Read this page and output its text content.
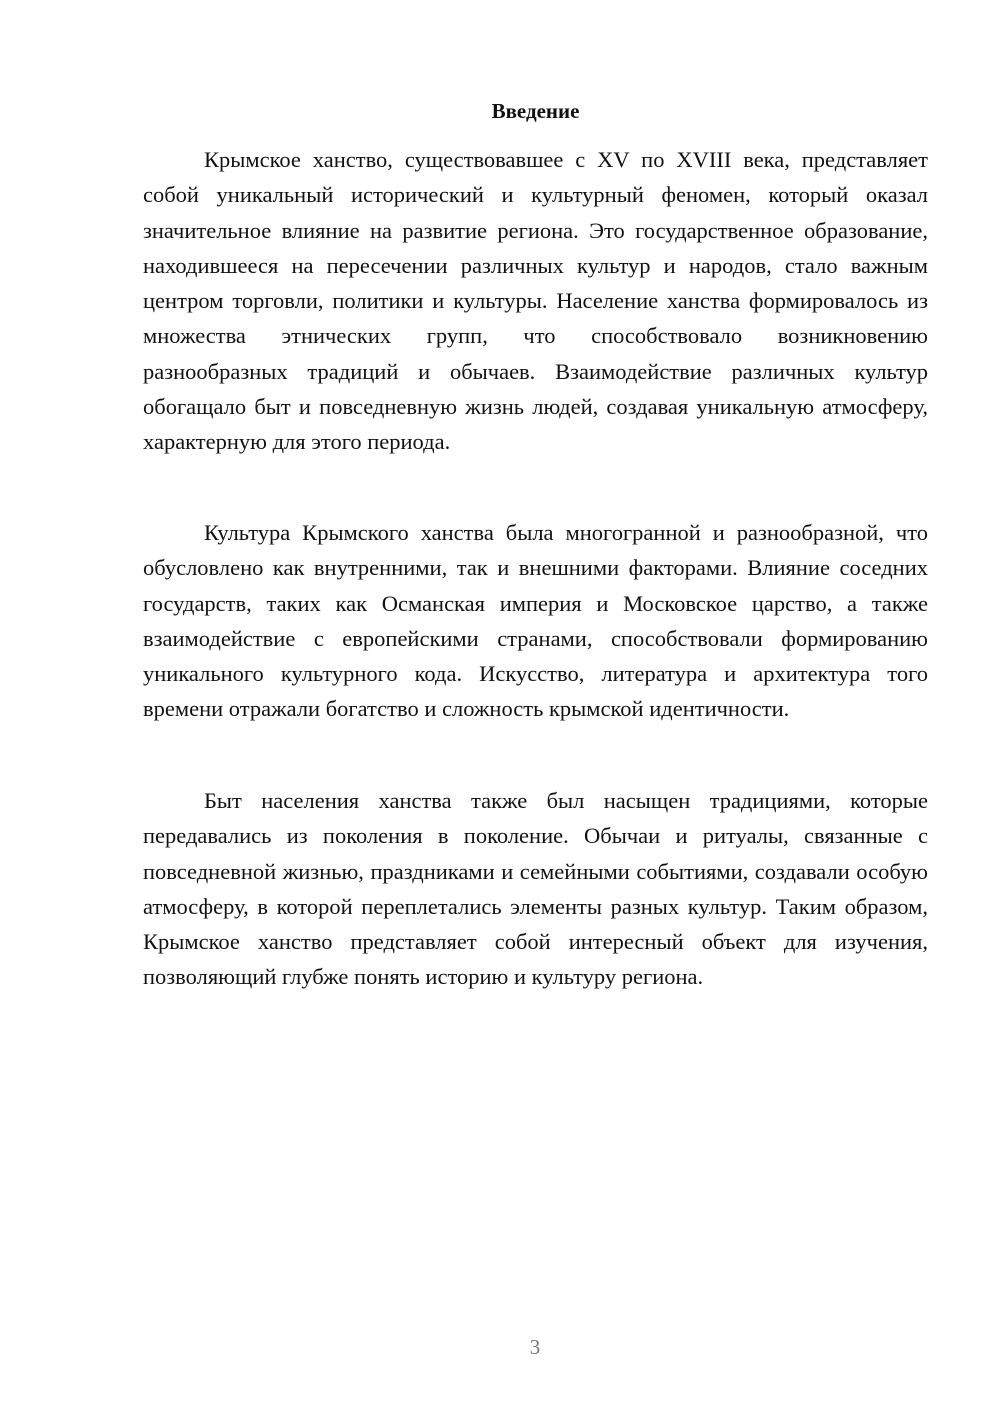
Введение

Крымское ханство, существовавшее с XV по XVIII века, представляет собой уникальный исторический и культурный феномен, который оказал значительное влияние на развитие региона. Это государственное образование, находившееся на пересечении различных культур и народов, стало важным центром торговли, политики и культуры. Население ханства формировалось из множества этнических групп, что способствовало возникновению разнообразных традиций и обычаев. Взаимодействие различных культур обогащало быт и повседневную жизнь людей, создавая уникальную атмосферу, характерную для этого периода.

Культура Крымского ханства была многогранной и разнообразной, что обусловлено как внутренними, так и внешними факторами. Влияние соседних государств, таких как Османская империя и Московское царство, а также взаимодействие с европейскими странами, способствовали формированию уникального культурного кода. Искусство, литература и архитектура того времени отражали богатство и сложность крымской идентичности.

Быт населения ханства также был насыщен традициями, которые передавались из поколения в поколение. Обычаи и ритуалы, связанные с повседневной жизнью, праздниками и семейными событиями, создавали особую атмосферу, в которой переплетались элементы разных культур. Таким образом, Крымское ханство представляет собой интересный объект для изучения, позволяющий глубже понять историю и культуру региона.

3
